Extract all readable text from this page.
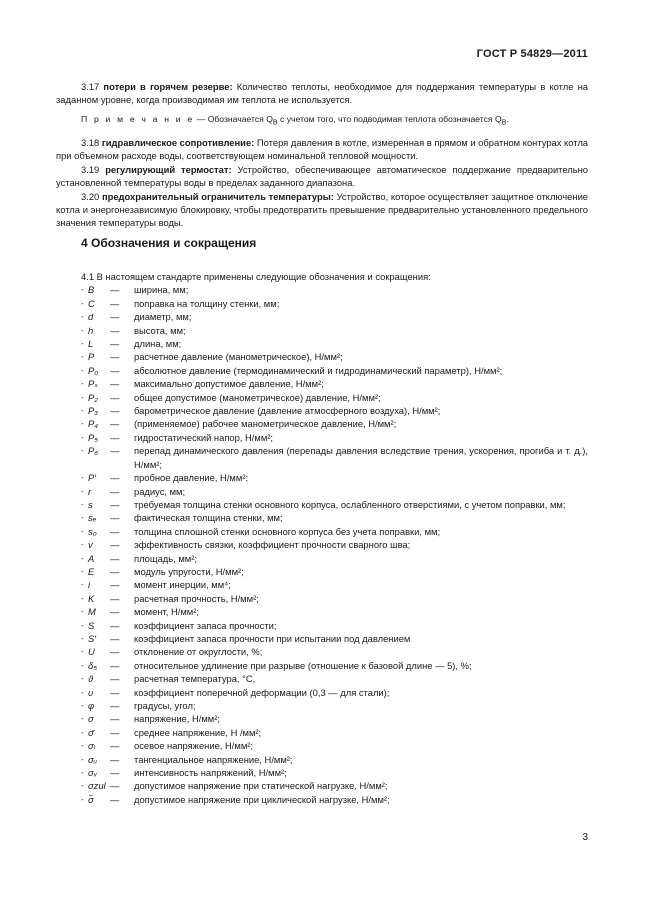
ГОСТ Р 54829—2011

3.17 потери в горячем резерве: Количество теплоты, необходимое для поддержания температуры в котле на заданном уровне, когда производимая им теплота не используется.

П р и м е ч а н и е — Обозначается $Q_B$ с учетом того, что подводимая теплота обозначается $Q_B$.

3.18 гидравлическое сопротивление: Потеря давления в котле, измеренная в прямом и обратном контурах котла при объемном расходе воды, соответствующем номинальной тепловой мощности.

3.19 регулирующий термостат: Устройство, обеспечивающее автоматическое поддержание предварительно установленной температуры воды в пределах заданного диапазона.

3.20 предохранительный ограничитель температуры: Устройство, которое осуществляет защитное отключение котла и энергонезависимую блокировку, чтобы предотвратить превышение предварительно установленного предельного значения температуры воды.

4 Обозначения и сокращения

4.1 В настоящем стандарте применены следующие обозначения и сокращения:

- B	—	ширина, мм;
- C	—	поправка на толщину стенки, мм;
- d	—	диаметр, мм;
- h	—	высота, мм;
- L	—	длина, мм;
- P	—	расчетное давление (манометрическое), Н/мм²;
- P₀	—	абсолютное давление (термодинамический и гидродинамический параметр), Н/мм²;
- Pₛ	—	максимально допустимое давление, Н/мм²;
- P₂	—	общее допустимое (манометрическое) давление, Н/мм²;
- P₃	—	барометрическое давление (давление атмосферного воздуха), Н/мм²;
- P₄	—	(применяемое) рабочее манометрическое давление, Н/мм²;
- P₅	—	гидростатический напор, Н/мм²;
- P₆	—	перепад динамического давления (перепады давления вследствие трения, ускорения, прогиба и т. д.), Н/мм²;
- P′	—	пробное давление, Н/мм²;
- r	—	радиус, мм;
- s	—	требуемая толщина стенки основного корпуса, ослабленного отверстиями, с учетом поправки, мм;
- sₑ	—	фактическая толщина стенки, мм;
- s₀	—	толщина сплошной стенки основного корпуса без учета поправки, мм;
- v	—	эффективность связки, коэффициент прочности сварного шва;
- A	—	площадь, мм²;
- E	—	модуль упругости, Н/мм²;
- i	—	момент инерции, мм⁴;
- K	—	расчетная прочность, Н/мм²;
- M	—	момент, Н/мм²;
- S	—	коэффициент запаса прочности;
- S′	—	коэффициент запаса прочности при испытании под давлением
- U	—	отклонение от округлости, %;
- δ₅	—	относительное удлинение при разрыве (отношение к базовой длине — 5), %;
- ϑ	—	расчетная температура, °C,
- υ	—	коэффициент поперечной деформации (0,3 — для стали);
- φ	—	градусы, угол;
- σ	—	напряжение, Н/мм²;
- σ̄	—	среднее напряжение, Н /мм²;
- σₗ	—	осевое напряжение, Н/мм²;
- σᵤ	—	тангенциальное напряжение, Н/мм²;
- σᵥ	—	интенсивность напряжений, Н/мм²;
- σzul —	допустимое напряжение при статической нагрузке, Н/мм²;
- σ̃	—	допустимое напряжение при циклической нагрузке, Н/мм²;
3
